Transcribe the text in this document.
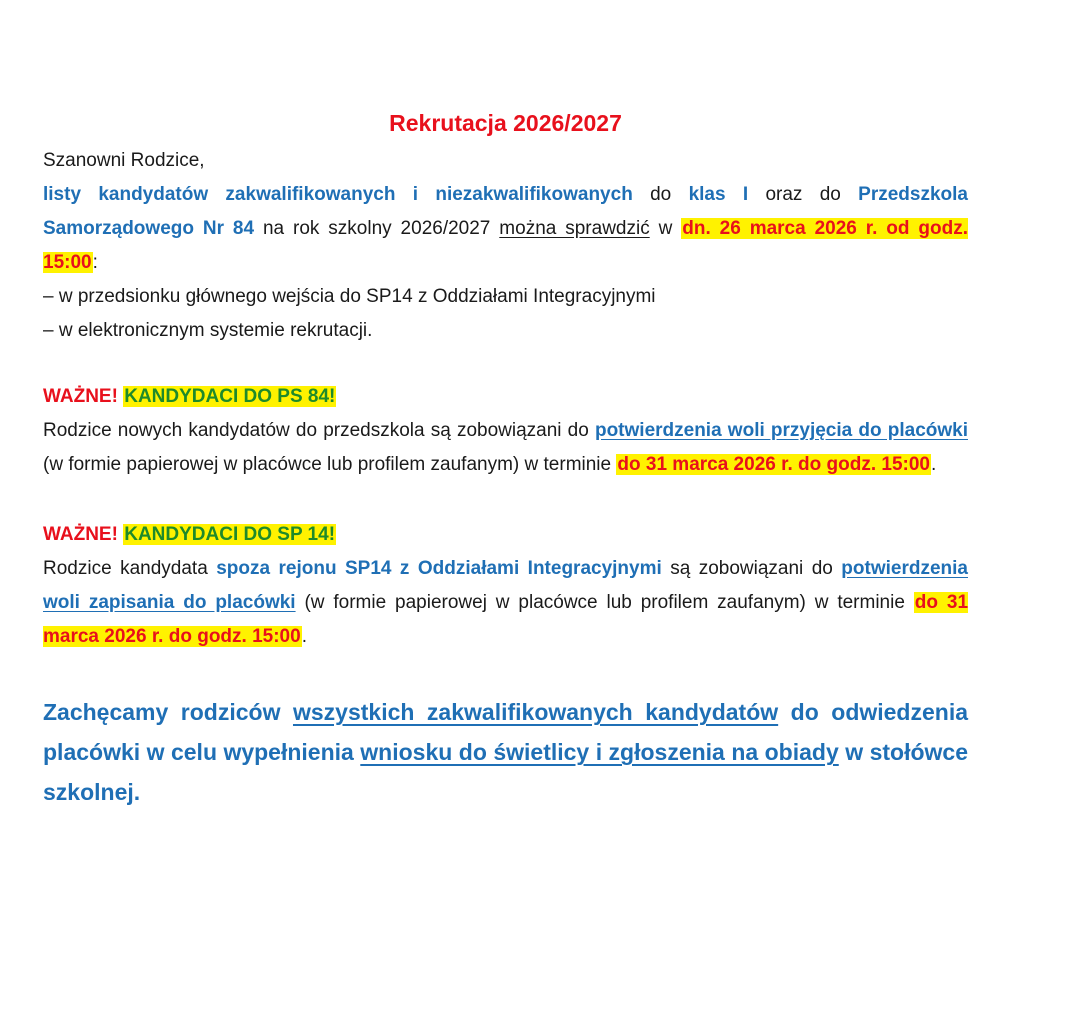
Rekrutacja 2026/2027

Szanowni Rodzice,

listy kandydatów zakwalifikowanych i niezakwalifikowanych do klas I oraz do Przedszkola Samorządowego Nr 84 na rok szkolny 2026/2027 można sprawdzić w dn. 26 marca 2026 r. od godz. 15:00:

– w przedsionku głównego wejścia do SP14 z Oddziałami Integracyjnymi

– w elektronicznym systemie rekrutacji.

WAŻNE! KANDYDACI DO PS 84!

Rodzice nowych kandydatów do przedszkola są zobowiązani do potwierdzenia woli przyjęcia do placówki (w formie papierowej w placówce lub profilem zaufanym) w terminie do 31 marca 2026 r. do godz. 15:00.

WAŻNE! KANDYDACI DO SP 14!

Rodzice kandydata spoza rejonu SP14 z Oddziałami Integracyjnymi są zobowiązani do potwierdzenia woli zapisania do placówki (w formie papierowej w placówce lub profilem zaufanym) w terminie do 31 marca 2026 r. do godz. 15:00.

Zachęcamy rodziców wszystkich zakwalifikowanych kandydatów do odwiedzenia placówki w celu wypełnienia wniosku do świetlicy i zgłoszenia na obiady w stołówce szkolnej.
